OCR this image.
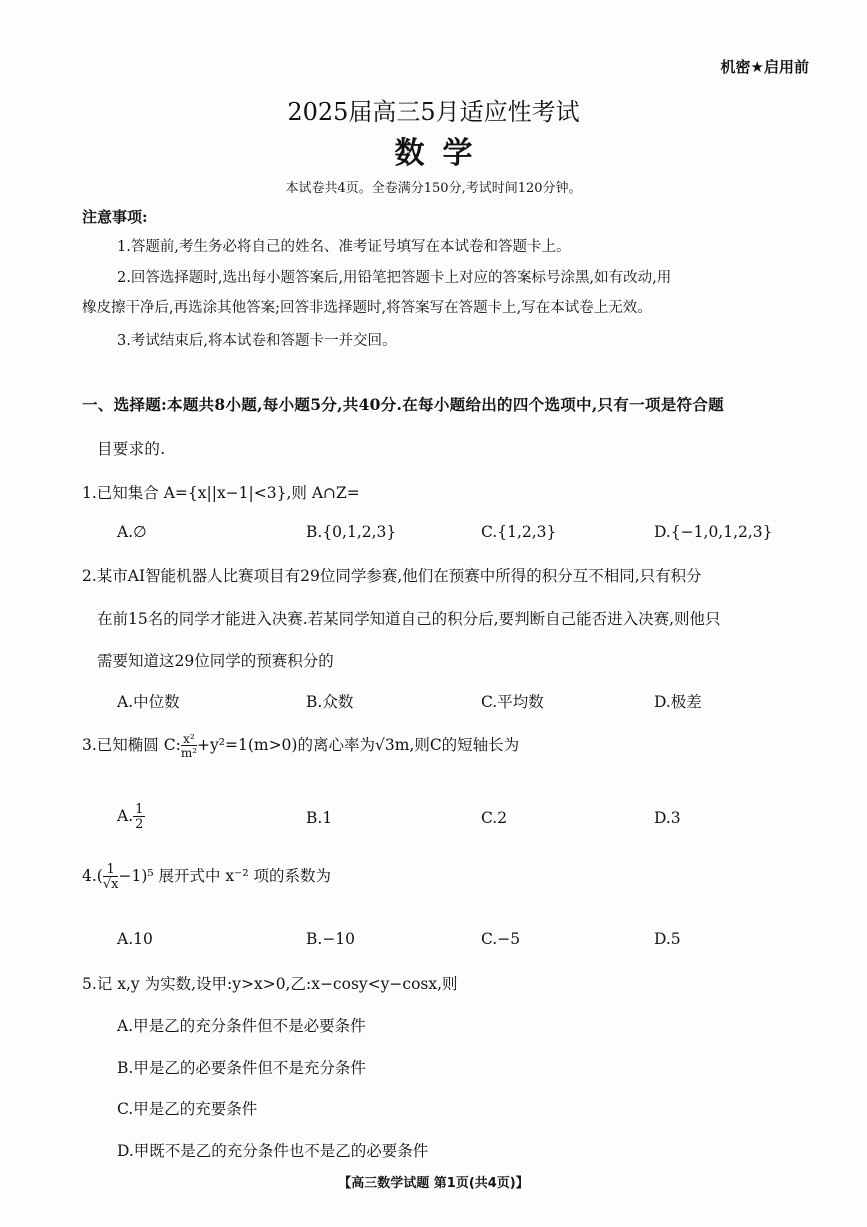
机密★启用前
2025届高三5月适应性考试
数学
本试卷共4页。全卷满分150分,考试时间120分钟。
注意事项:
1.答题前,考生务必将自己的姓名、准考证号填写在本试卷和答题卡上。
2.回答选择题时,选出每小题答案后,用铅笔把答题卡上对应的答案标号涂黑,如有改动,用
橡皮擦干净后,再选涂其他答案;回答非选择题时,将答案写在答题卡上,写在本试卷上无效。
3.考试结束后,将本试卷和答题卡一并交回。
一、选择题:本题共8小题,每小题5分,共40分.在每小题给出的四个选项中,只有一项是符合题
目要求的.
1.已知集合 A={x||x−1|<3},则 A∩Z=
A.∅	B.{0,1,2,3}	C.{1,2,3}	D.{−1,0,1,2,3}
2.某市AI智能机器人比赛项目有29位同学参赛,他们在预赛中所得的积分互不相同,只有积分
在前15名的同学才能进入决赛.若某同学知道自己的积分后,要判断自己能否进入决赛,则他只
需要知道这29位同学的预赛积分的
A.中位数	B.众数	C.平均数	D.极差
3.已知椭圆 C: $\frac{\text{x²}}{\text{m²}} +y^2=1(m>0)$的离心率为√3m,则C的短轴长为
A. $\frac{1}{2}$	B.1	C.2	D.3
$4.( \frac{1}{√x} -1)^5$ 展开式中 x⁻² 项的系数为
A.10	B.−10	C.−5	D.5
5.记 x,y 为实数,设甲:y>x>0,乙:x−cosy<y−cosx,则
A.甲是乙的充分条件但不是必要条件
B.甲是乙的必要条件但不是充分条件
C.甲是乙的充要条件
D.甲既不是乙的充分条件也不是乙的必要条件
【高三数学试题 第1页(共4页)】
